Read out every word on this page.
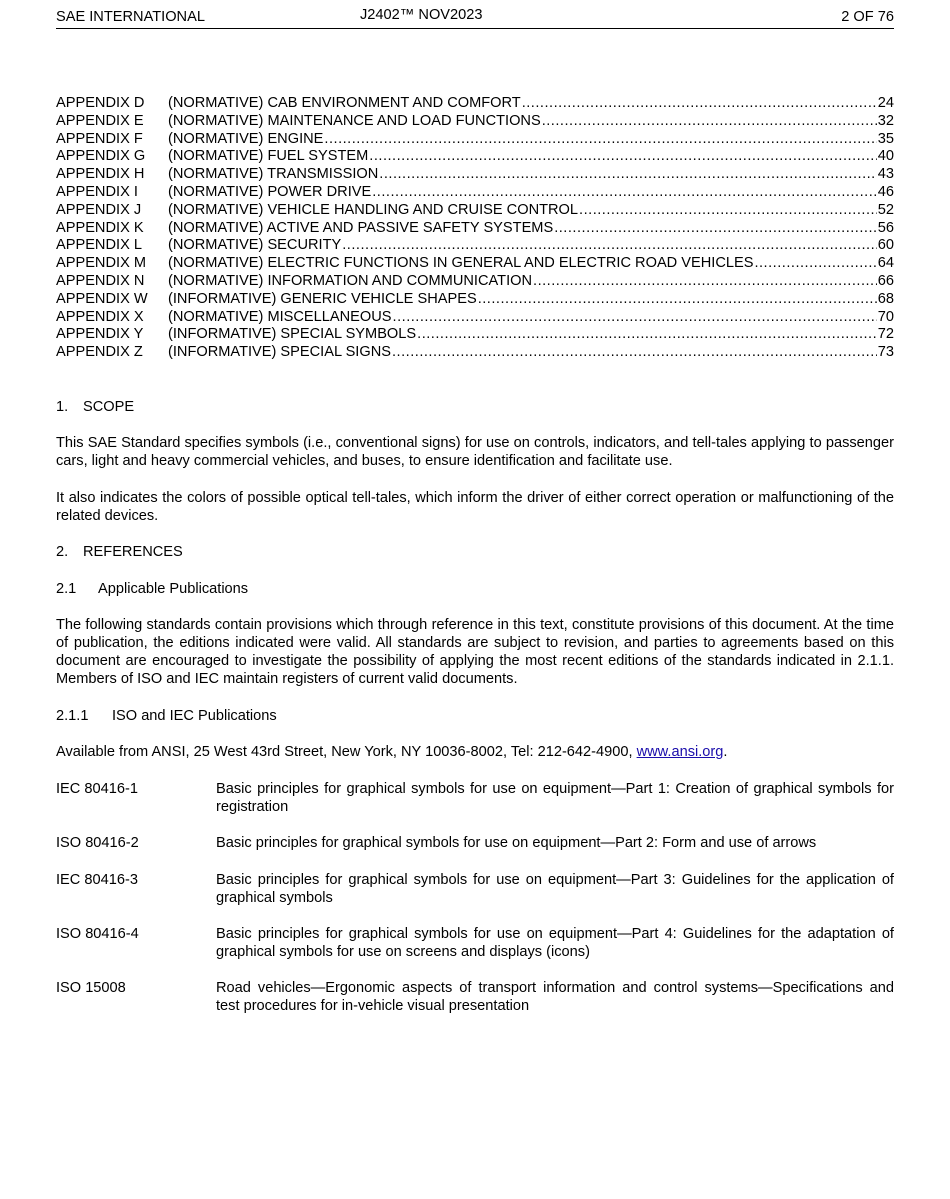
SAE INTERNATIONAL	J2402™ NOV2023	2 OF 76
APPENDIX D	(NORMATIVE) CAB ENVIRONMENT AND COMFORT .....	24
APPENDIX E	(NORMATIVE) MAINTENANCE AND LOAD FUNCTIONS .....	32
APPENDIX F	(NORMATIVE) ENGINE .....	35
APPENDIX G	(NORMATIVE) FUEL SYSTEM .....	40
APPENDIX H	(NORMATIVE) TRANSMISSION .....	43
APPENDIX I	(NORMATIVE) POWER DRIVE .....	46
APPENDIX J	(NORMATIVE) VEHICLE HANDLING AND CRUISE CONTROL .....	52
APPENDIX K	(NORMATIVE) ACTIVE AND PASSIVE SAFETY SYSTEMS .....	56
APPENDIX L	(NORMATIVE) SECURITY .....	60
APPENDIX M	(NORMATIVE) ELECTRIC FUNCTIONS IN GENERAL AND ELECTRIC ROAD VEHICLES .....	64
APPENDIX N	(NORMATIVE) INFORMATION AND COMMUNICATION .....	66
APPENDIX W	(INFORMATIVE) GENERIC VEHICLE SHAPES .....	68
APPENDIX X	(NORMATIVE) MISCELLANEOUS .....	70
APPENDIX Y	(INFORMATIVE) SPECIAL SYMBOLS .....	72
APPENDIX Z	(INFORMATIVE) SPECIAL SIGNS .....	73
1. SCOPE
This SAE Standard specifies symbols (i.e., conventional signs) for use on controls, indicators, and tell-tales applying to passenger cars, light and heavy commercial vehicles, and buses, to ensure identification and facilitate use.
It also indicates the colors of possible optical tell-tales, which inform the driver of either correct operation or malfunctioning of the related devices.
2. REFERENCES
2.1 Applicable Publications
The following standards contain provisions which through reference in this text, constitute provisions of this document. At the time of publication, the editions indicated were valid. All standards are subject to revision, and parties to agreements based on this document are encouraged to investigate the possibility of applying the most recent editions of the standards indicated in 2.1.1. Members of ISO and IEC maintain registers of current valid documents.
2.1.1 ISO and IEC Publications
Available from ANSI, 25 West 43rd Street, New York, NY 10036-8002, Tel: 212-642-4900, www.ansi.org.
IEC 80416-1	Basic principles for graphical symbols for use on equipment—Part 1: Creation of graphical symbols for registration
ISO 80416-2	Basic principles for graphical symbols for use on equipment—Part 2: Form and use of arrows
IEC 80416-3	Basic principles for graphical symbols for use on equipment—Part 3: Guidelines for the application of graphical symbols
ISO 80416-4	Basic principles for graphical symbols for use on equipment—Part 4: Guidelines for the adaptation of graphical symbols for use on screens and displays (icons)
ISO 15008	Road vehicles—Ergonomic aspects of transport information and control systems—Specifications and test procedures for in-vehicle visual presentation
